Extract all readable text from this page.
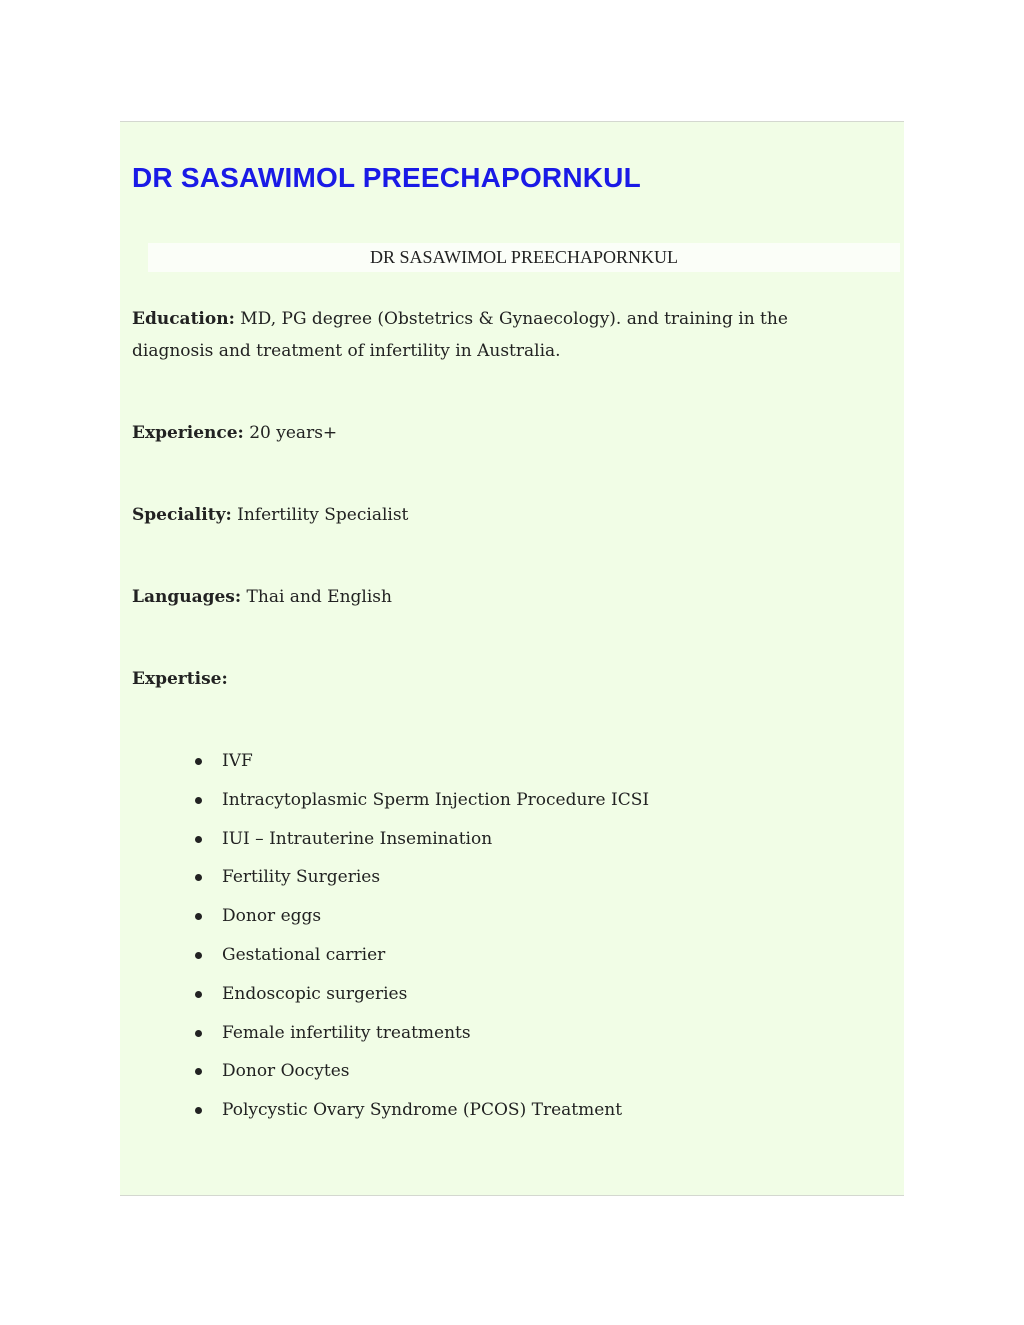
DR SASAWIMOL PREECHAPORNKUL
DR SASAWIMOL PREECHAPORNKUL

Education: MD, PG degree (Obstetrics & Gynaecology). and training in the diagnosis and treatment of infertility in Australia.

Experience: 20 years+

Speciality: Infertility Specialist

Languages: Thai and English

Expertise:

IVF
Intracytoplasmic Sperm Injection Procedure ICSI
IUI – Intrauterine Insemination
Fertility Surgeries
Donor eggs
Gestational carrier
Endoscopic surgeries
Female infertility treatments
Donor Oocytes
Polycystic Ovary Syndrome (PCOS) Treatment
